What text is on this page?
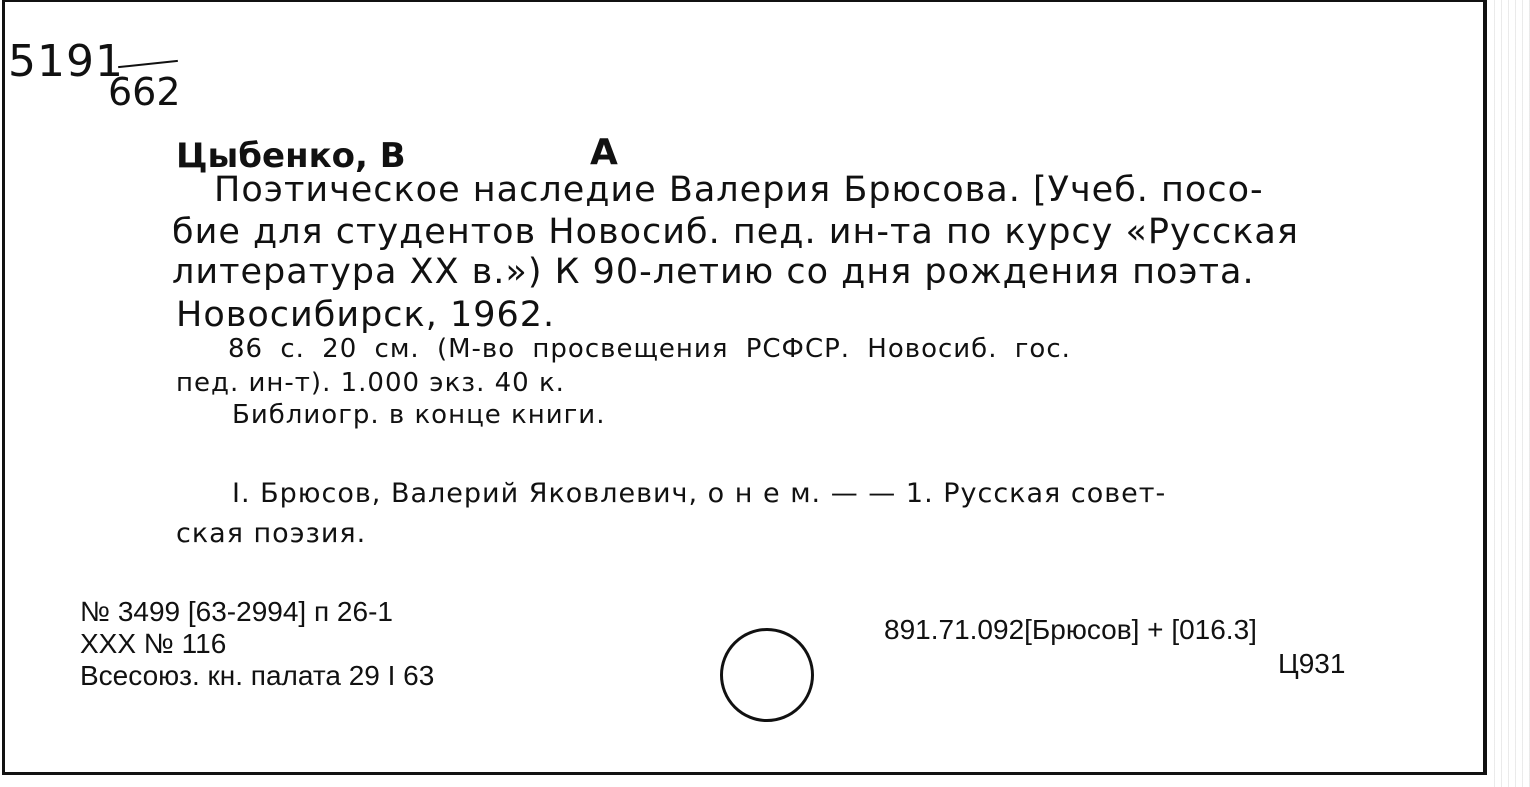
5191
662
Цыбенко, В	А
Поэтическое наследие Валерия Брюсова. [Учеб. посо-
бие для студентов Новосиб. пед. ин-та по курсу «Русская
литература XX в.») К 90-летию со дня рождения поэта.
Новосибирск, 1962.
86 с. 20 см. (М-во просвещения РСФСР. Новосиб. гос.
пед. ин-т). 1.000 экз. 40 к.
Библиогр. в конце книги.
I. Брюсов, Валерий Яковлевич, о н е м. — — 1. Русская совет-
ская поэзия.
№ 3499 [63-2994] п 26-1
XXX № 116
Всесоюз. кн. палата 29 I 63
891.71.092[Брюсов] + [016.3]
Ц931
